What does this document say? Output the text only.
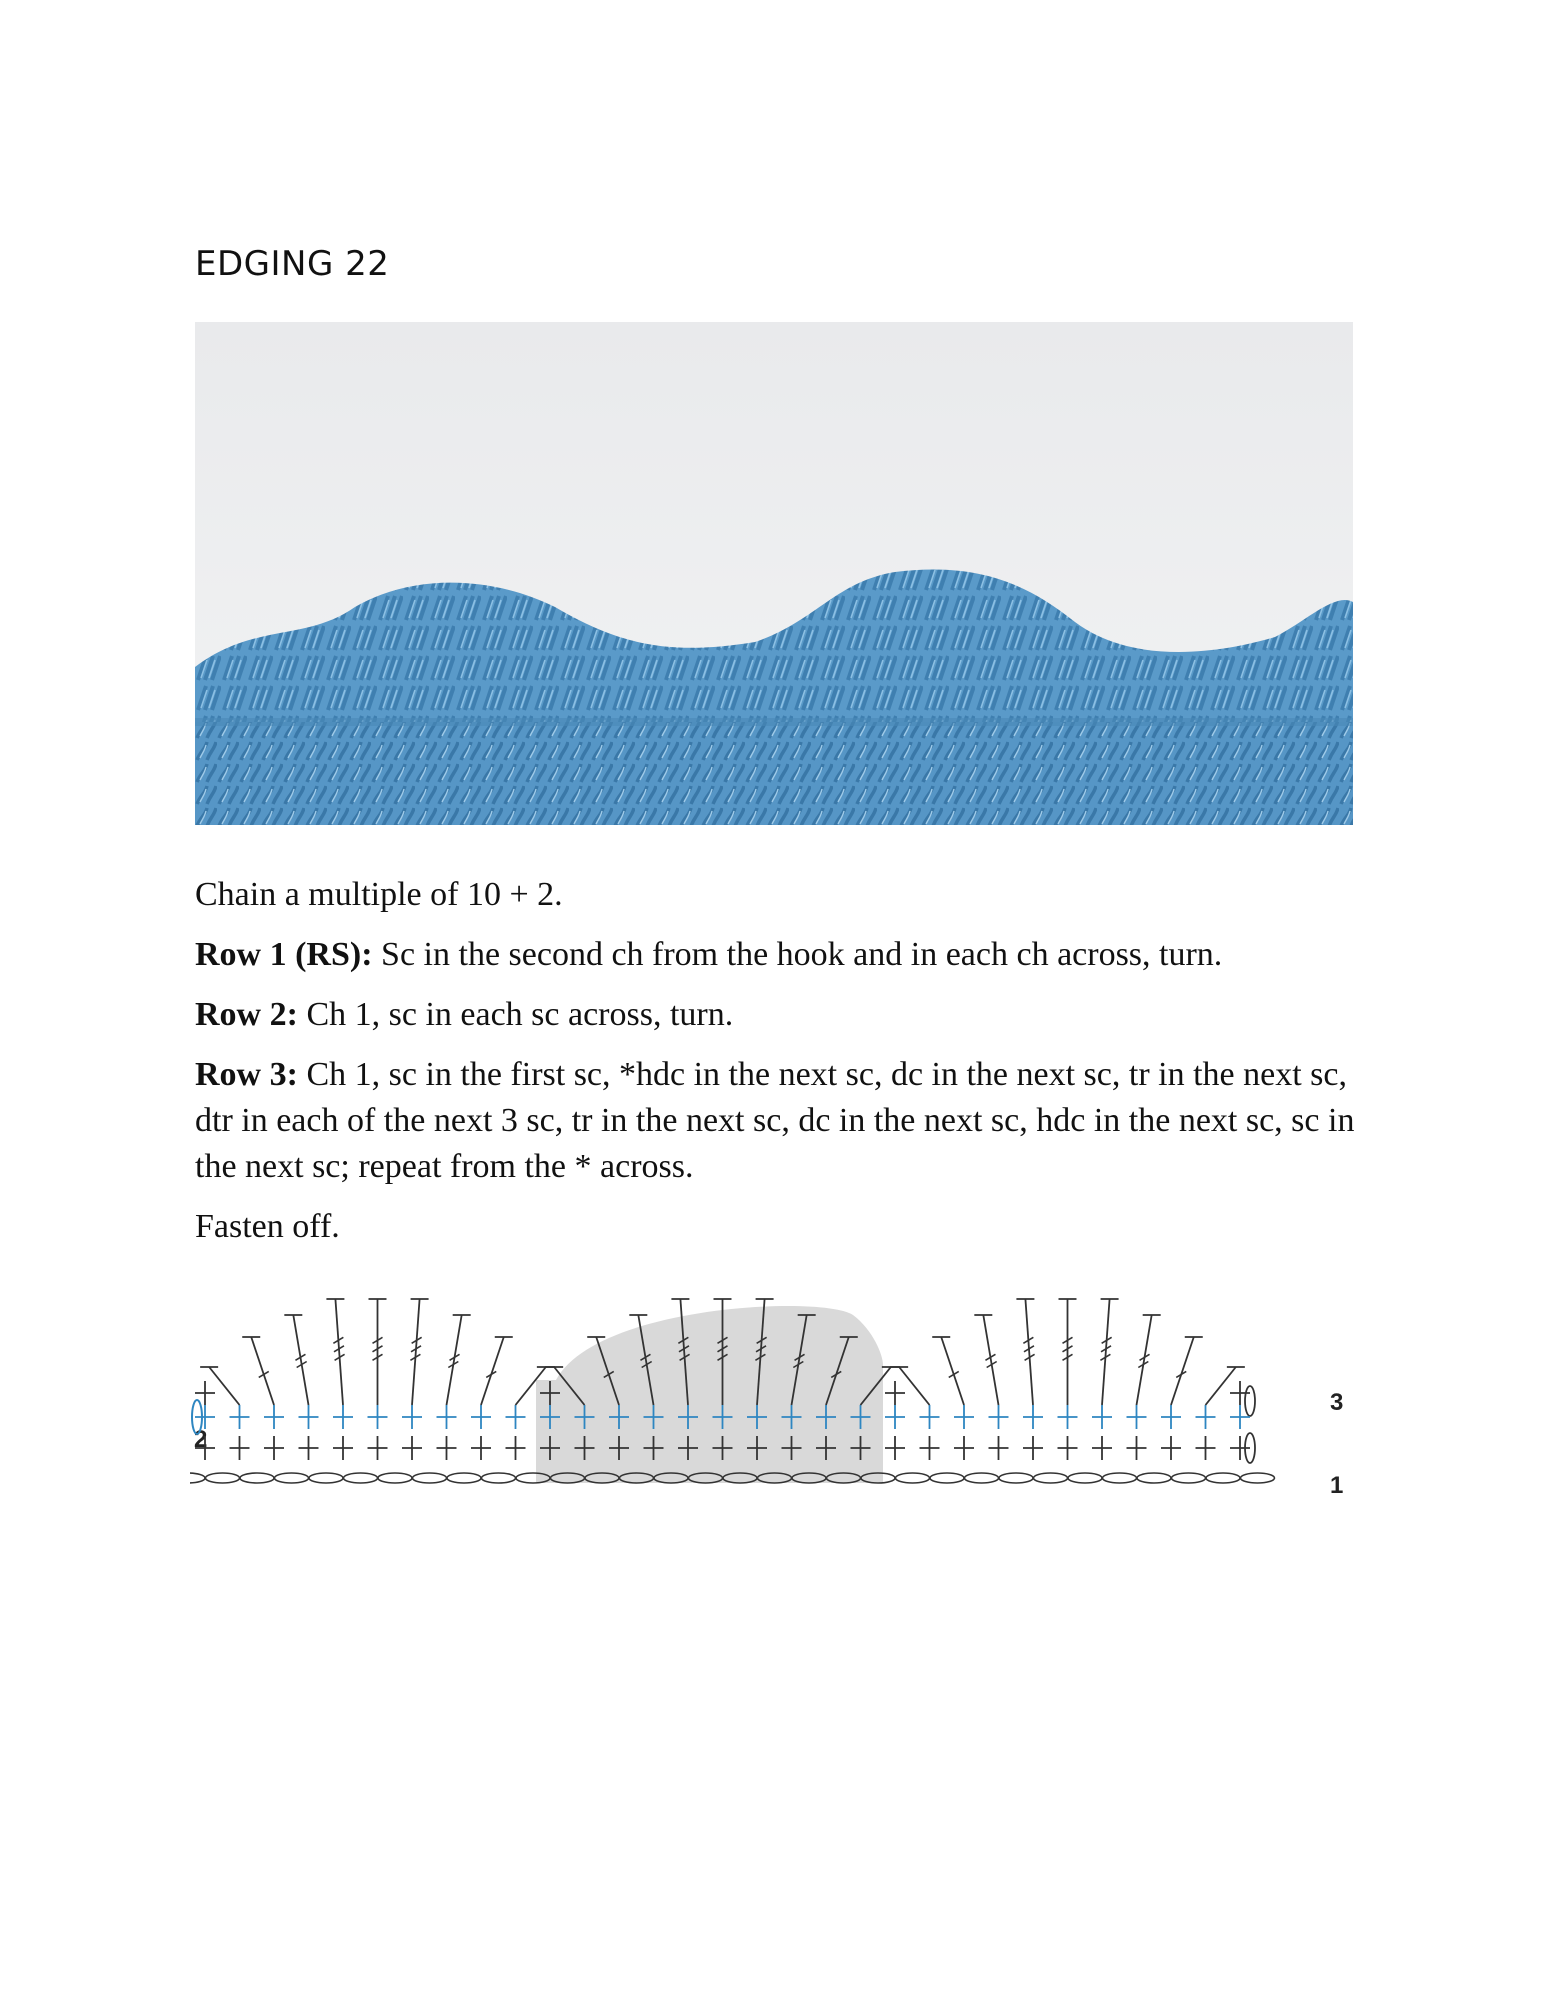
EDGING 22

Chain a multiple of 10 + 2.

Row 1 (RS): Sc in the second ch from the hook and in each ch across, turn.

Row 2: Ch 1, sc in each sc across, turn.

Row 3: Ch 1, sc in the first sc, *hdc in the next sc, dc in the next sc, tr in the next sc, dtr in each of the next 3 sc, tr in the next sc, dc in the next sc, hdc in the next sc, sc in the next sc; repeat from the * across.

Fasten off.

2
3
1
